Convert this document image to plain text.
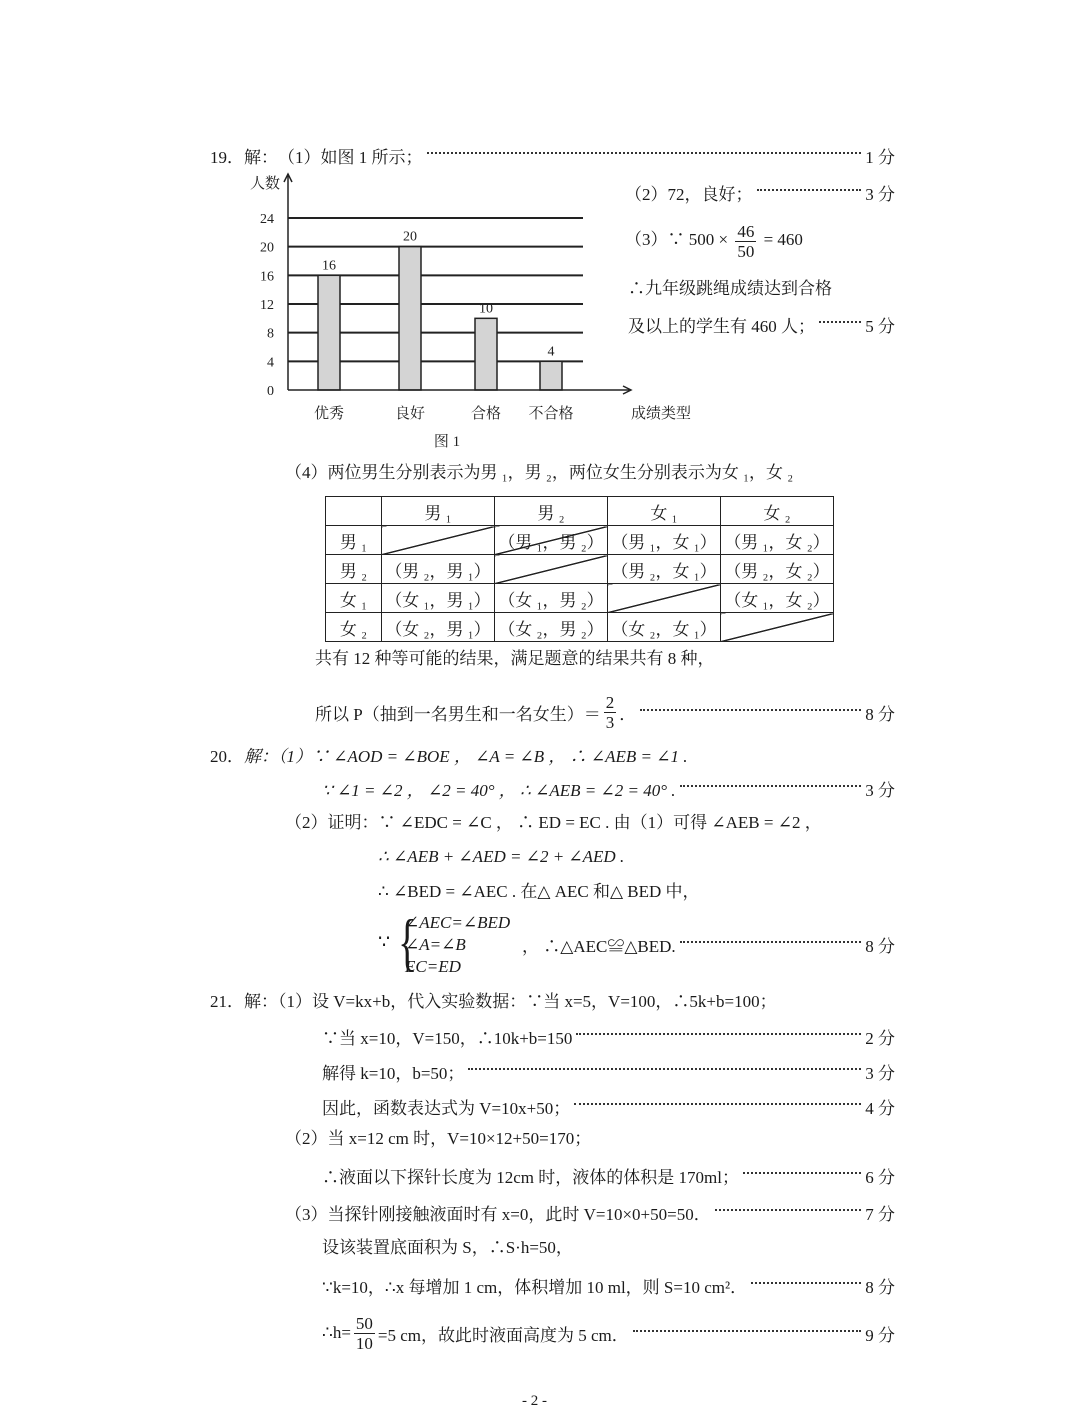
19． 解： （1）如图 1 所示；	1 分
0
4
8
12
16
20
24
优秀	良好	合格 不合格
16
20
10
4
人数
成绩类型
图 1
（2）72，良好；	3 分
（3）∵ $500 \times \frac{46}{50} = 460$
∴九年级跳绳成绩达到合格
及以上的学生有 460 人；	5 分
（4）两位男生分别表示为男 ₁，男 ₂，两位女生分别表示为女 ₁，女 ₂
	男 ₁	男 ₂	女 ₁	女 ₂
男 ₁		（男 ₁，男 ₂）	（男 ₁，女 ₁）	（男 ₁，女 ₂）
男 ₂	（男 ₂，男 ₁）		（男 ₂，女 ₁）	（男 ₂，女 ₂）
女 ₁	（女 ₁，男 ₁）	（女 ₁，男 ₂）		（女 ₁，女 ₂）
女 ₂	（女 ₂，男 ₁）	（女 ₂，男 ₂）	（女 ₂，女 ₁）	
共有 12 种等可能的结果，满足题意的结果共有 8 种，
所以 P（抽到一名男生和一名女生）＝ $\frac{2}{3}$ ．	8 分
20． 解：（1）∵ ∠AOD = ∠BOE ， ∠A = ∠B ， ∴ ∠AEB = ∠1 .
∵ ∠1 = ∠2 ， ∠2 = 40° ， ∴ ∠AEB = ∠2 = 40° .	3 分
（2）证明：∵ ∠EDC = ∠C ， ∴ ED = EC . 由（1）可得 ∠AEB = ∠2 ，
∴ ∠AEB + ∠AED = ∠2 + ∠AED .
∴ ∠BED = ∠AEC . 在△ AEC 和△ BED 中，
∵ {
∠AEC=∠BED
∠A=∠B
EC=ED
， ∴△AEC≌△BED.	8 分
21． 解：（1）设 V=kx+b，代入实验数据：∵当 x=5，V=100，∴5k+b=100；
∵当 x=10，V=150，∴10k+b=150	2 分
解得 k=10，b=50；	3 分
因此，函数表达式为 V=10x+50；	4 分
（2）当 x=12 cm 时，V=10×12+50=170；
∴液面以下探针长度为 12cm 时，液体的体积是 170ml；	6 分
（3）当探针刚接触液面时有 x=0，此时 V=10×0+50=50．	7 分
设该装置底面积为 S，∴S·h=50，
∵k=10，∴x 每增加 1 cm，体积增加 10 ml，则 S=10 cm²．	8 分
∴h= $\frac{50}{10} =5$ cm，故此时液面高度为 5 cm．	9 分
- 2 -
